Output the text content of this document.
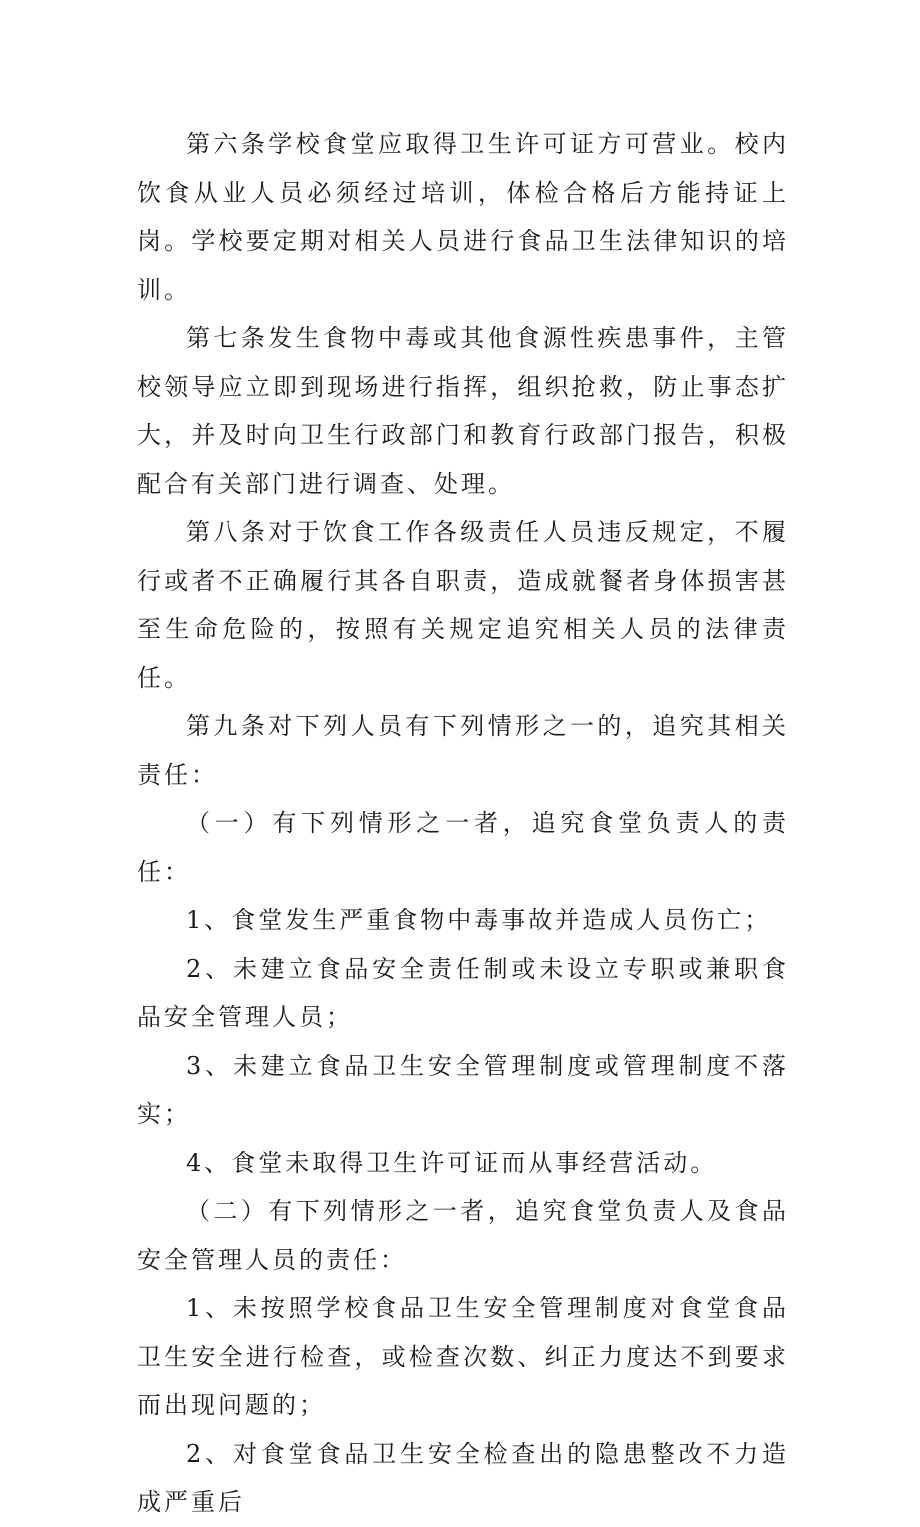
第六条学校食堂应取得卫生许可证方可营业。校内饮食从业人员必须经过培训，体检合格后方能持证上岗。学校要定期对相关人员进行食品卫生法律知识的培训。

第七条发生食物中毒或其他食源性疾患事件，主管校领导应立即到现场进行指挥，组织抢救，防止事态扩大，并及时向卫生行政部门和教育行政部门报告，积极配合有关部门进行调查、处理。

第八条对于饮食工作各级责任人员违反规定，不履行或者不正确履行其各自职责，造成就餐者身体损害甚至生命危险的，按照有关规定追究相关人员的法律责任。

第九条对下列人员有下列情形之一的，追究其相关责任：

（一）有下列情形之一者，追究食堂负责人的责任：

1、食堂发生严重食物中毒事故并造成人员伤亡；

2、未建立食品安全责任制或未设立专职或兼职食品安全管理人员；

3、未建立食品卫生安全管理制度或管理制度不落实；

4、食堂未取得卫生许可证而从事经营活动。

（二）有下列情形之一者，追究食堂负责人及食品安全管理人员的责任：

1、未按照学校食品卫生安全管理制度对食堂食品卫生安全进行检查，或检查次数、纠正力度达不到要求而出现问题的；

2、对食堂食品卫生安全检查出的隐患整改不力造成严重后
